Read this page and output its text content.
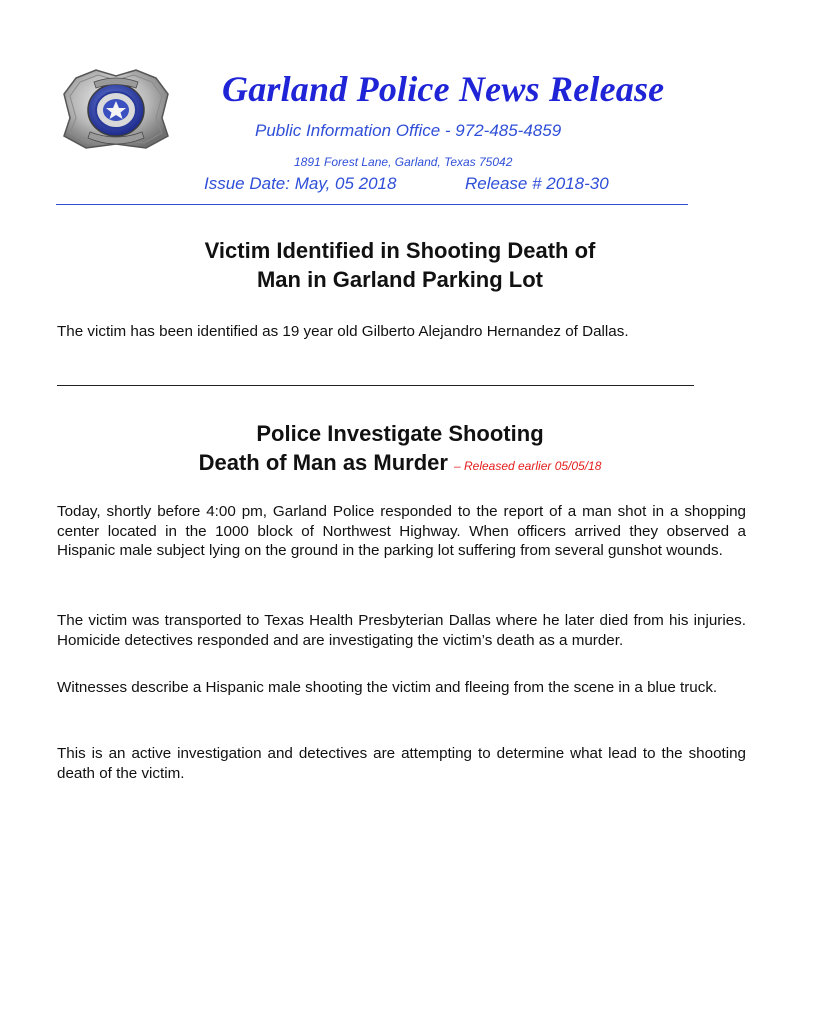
Garland Police News Release
Public Information Office - 972-485-4859
1891 Forest Lane, Garland, Texas 75042
Issue Date: May, 05 2018	Release # 2018-30
Victim Identified in Shooting Death of
Man in Garland Parking Lot

The victim has been identified as 19 year old Gilberto Alejandro Hernandez of Dallas.

Police Investigate Shooting
Death of Man as Murder – Released earlier 05/05/18

Today, shortly before 4:00 pm, Garland Police responded to the report of a man shot in a shopping center located in the 1000 block of Northwest Highway. When officers arrived they observed a Hispanic male subject lying on the ground in the parking lot suffering from several gunshot wounds.

The victim was transported to Texas Health Presbyterian Dallas where he later died from his injuries. Homicide detectives responded and are investigating the victim’s death as a murder.

Witnesses describe a Hispanic male shooting the victim and fleeing from the scene in a blue truck.

This is an active investigation and detectives are attempting to determine what lead to the shooting death of the victim.
